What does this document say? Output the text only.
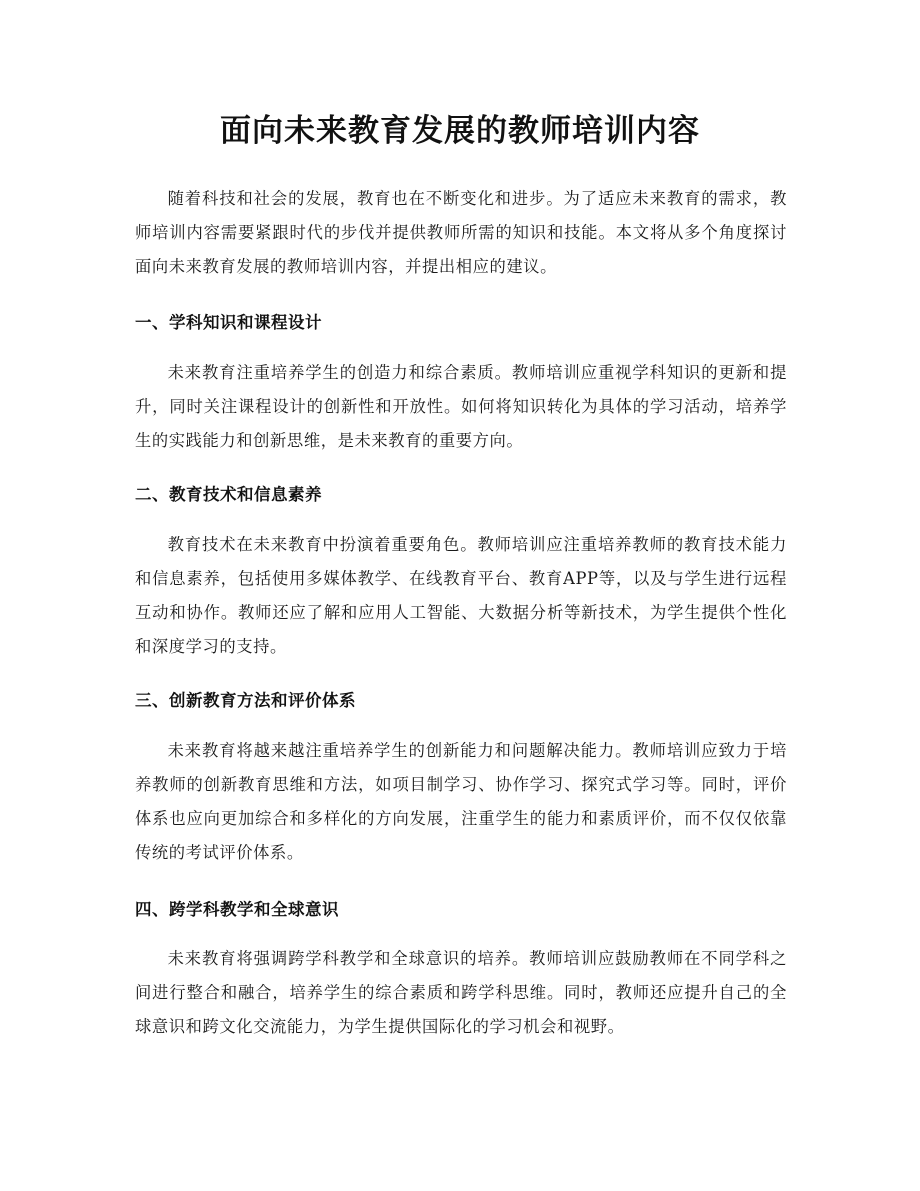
面向未来教育发展的教师培训内容

随着科技和社会的发展，教育也在不断变化和进步。为了适应未来教育的需求，教师培训内容需要紧跟时代的步伐并提供教师所需的知识和技能。本文将从多个角度探讨面向未来教育发展的教师培训内容，并提出相应的建议。

一、学科知识和课程设计

未来教育注重培养学生的创造力和综合素质。教师培训应重视学科知识的更新和提升，同时关注课程设计的创新性和开放性。如何将知识转化为具体的学习活动，培养学生的实践能力和创新思维，是未来教育的重要方向。

二、教育技术和信息素养

教育技术在未来教育中扮演着重要角色。教师培训应注重培养教师的教育技术能力和信息素养，包括使用多媒体教学、在线教育平台、教育APP等，以及与学生进行远程互动和协作。教师还应了解和应用人工智能、大数据分析等新技术，为学生提供个性化和深度学习的支持。

三、创新教育方法和评价体系

未来教育将越来越注重培养学生的创新能力和问题解决能力。教师培训应致力于培养教师的创新教育思维和方法，如项目制学习、协作学习、探究式学习等。同时，评价体系也应向更加综合和多样化的方向发展，注重学生的能力和素质评价，而不仅仅依靠传统的考试评价体系。

四、跨学科教学和全球意识

未来教育将强调跨学科教学和全球意识的培养。教师培训应鼓励教师在不同学科之间进行整合和融合，培养学生的综合素质和跨学科思维。同时，教师还应提升自己的全球意识和跨文化交流能力，为学生提供国际化的学习机会和视野。
